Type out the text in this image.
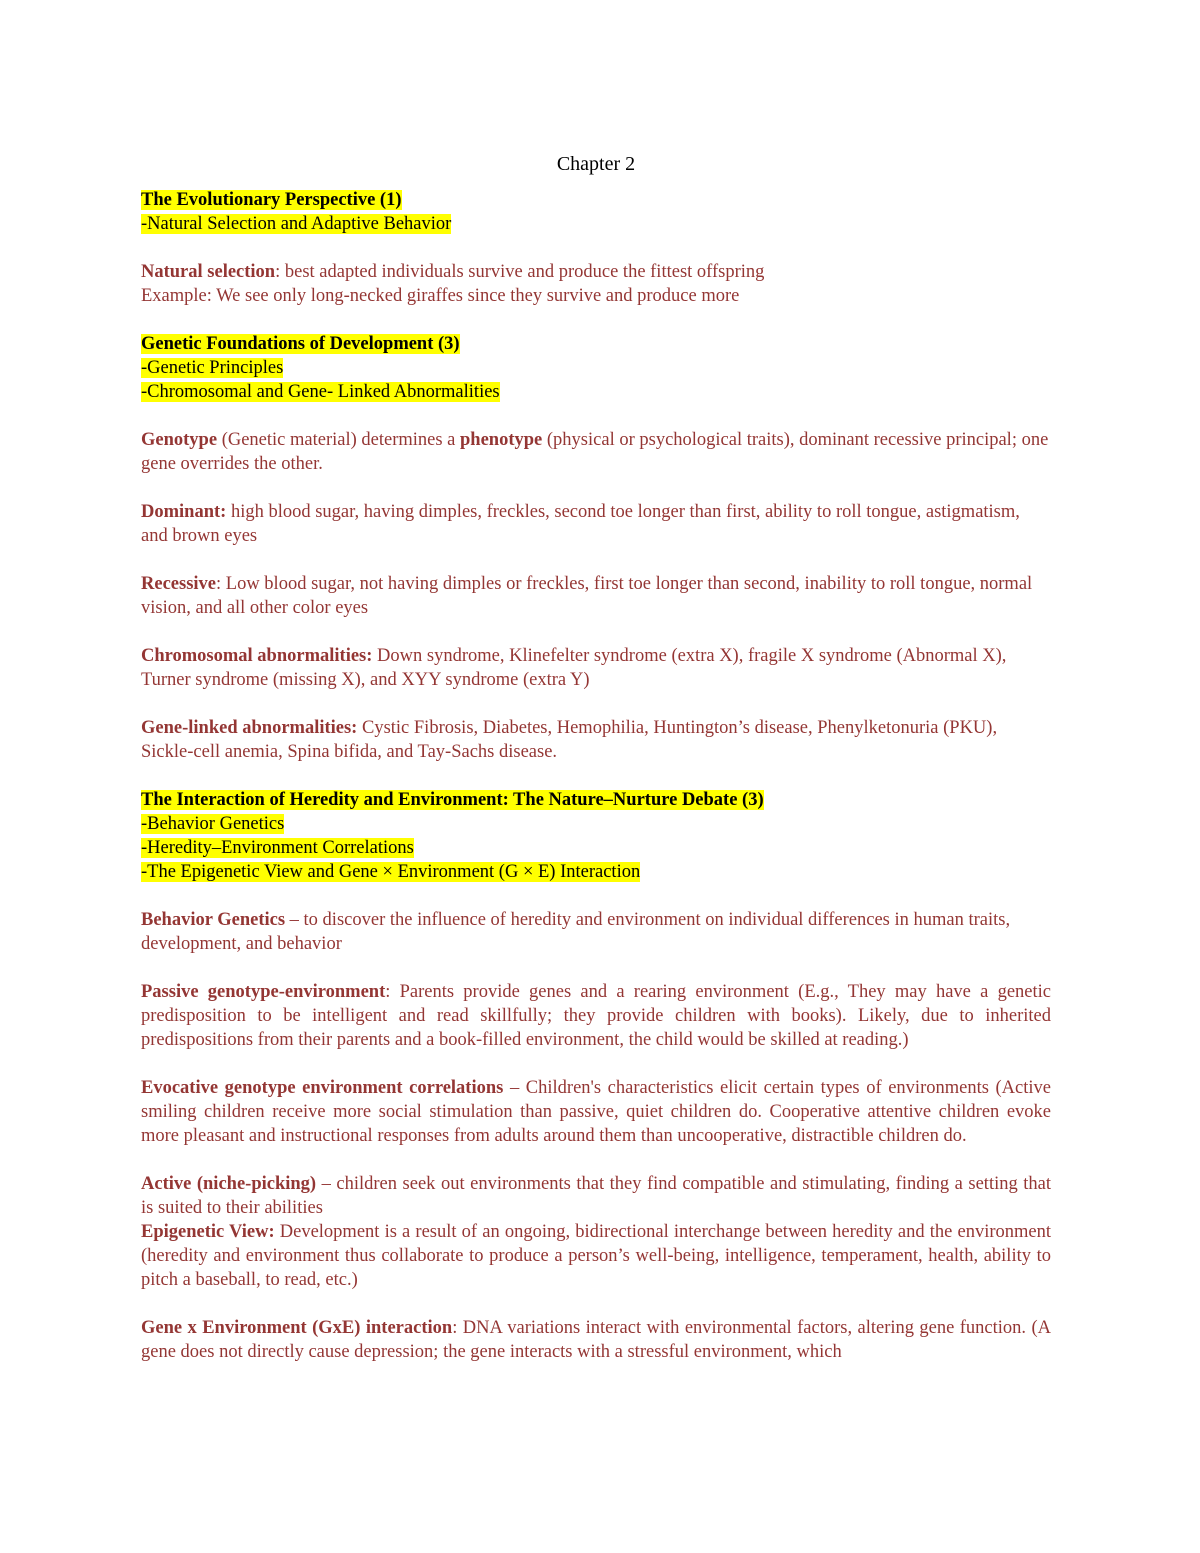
Chapter 2
The Evolutionary Perspective (1)
-Natural Selection and Adaptive Behavior
Natural selection: best adapted individuals survive and produce the fittest offspring
Example: We see only long-necked giraffes since they survive and produce more
Genetic Foundations of Development (3)
-Genetic Principles
-Chromosomal and Gene- Linked Abnormalities
Genotype (Genetic material) determines a phenotype (physical or psychological traits), dominant recessive principal; one gene overrides the other.
Dominant: high blood sugar, having dimples, freckles, second toe longer than first, ability to roll tongue, astigmatism, and brown eyes
Recessive: Low blood sugar, not having dimples or freckles, first toe longer than second, inability to roll tongue, normal vision, and all other color eyes
Chromosomal abnormalities: Down syndrome, Klinefelter syndrome (extra X), fragile X syndrome (Abnormal X), Turner syndrome (missing X), and XYY syndrome (extra Y)
Gene-linked abnormalities: Cystic Fibrosis, Diabetes, Hemophilia, Huntington’s disease, Phenylketonuria (PKU), Sickle-cell anemia, Spina bifida, and Tay-Sachs disease.
The Interaction of Heredity and Environment: The Nature–Nurture Debate (3)
-Behavior Genetics
-Heredity–Environment Correlations
-The Epigenetic View and Gene × Environment (G × E) Interaction
Behavior Genetics – to discover the influence of heredity and environment on individual differences in human traits, development, and behavior
Passive genotype-environment: Parents provide genes and a rearing environment (E.g., They may have a genetic predisposition to be intelligent and read skillfully; they provide children with books). Likely, due to inherited predispositions from their parents and a book-filled environment, the child would be skilled at reading.)
Evocative genotype environment correlations – Children's characteristics elicit certain types of environments (Active smiling children receive more social stimulation than passive, quiet children do. Cooperative attentive children evoke more pleasant and instructional responses from adults around them than uncooperative, distractible children do.
Active (niche-picking) – children seek out environments that they find compatible and stimulating, finding a setting that is suited to their abilities
Epigenetic View: Development is a result of an ongoing, bidirectional interchange between heredity and the environment (heredity and environment thus collaborate to produce a person’s well-being, intelligence, temperament, health, ability to pitch a baseball, to read, etc.)
Gene x Environment (GxE) interaction: DNA variations interact with environmental factors, altering gene function. (A gene does not directly cause depression; the gene interacts with a stressful environment, which
